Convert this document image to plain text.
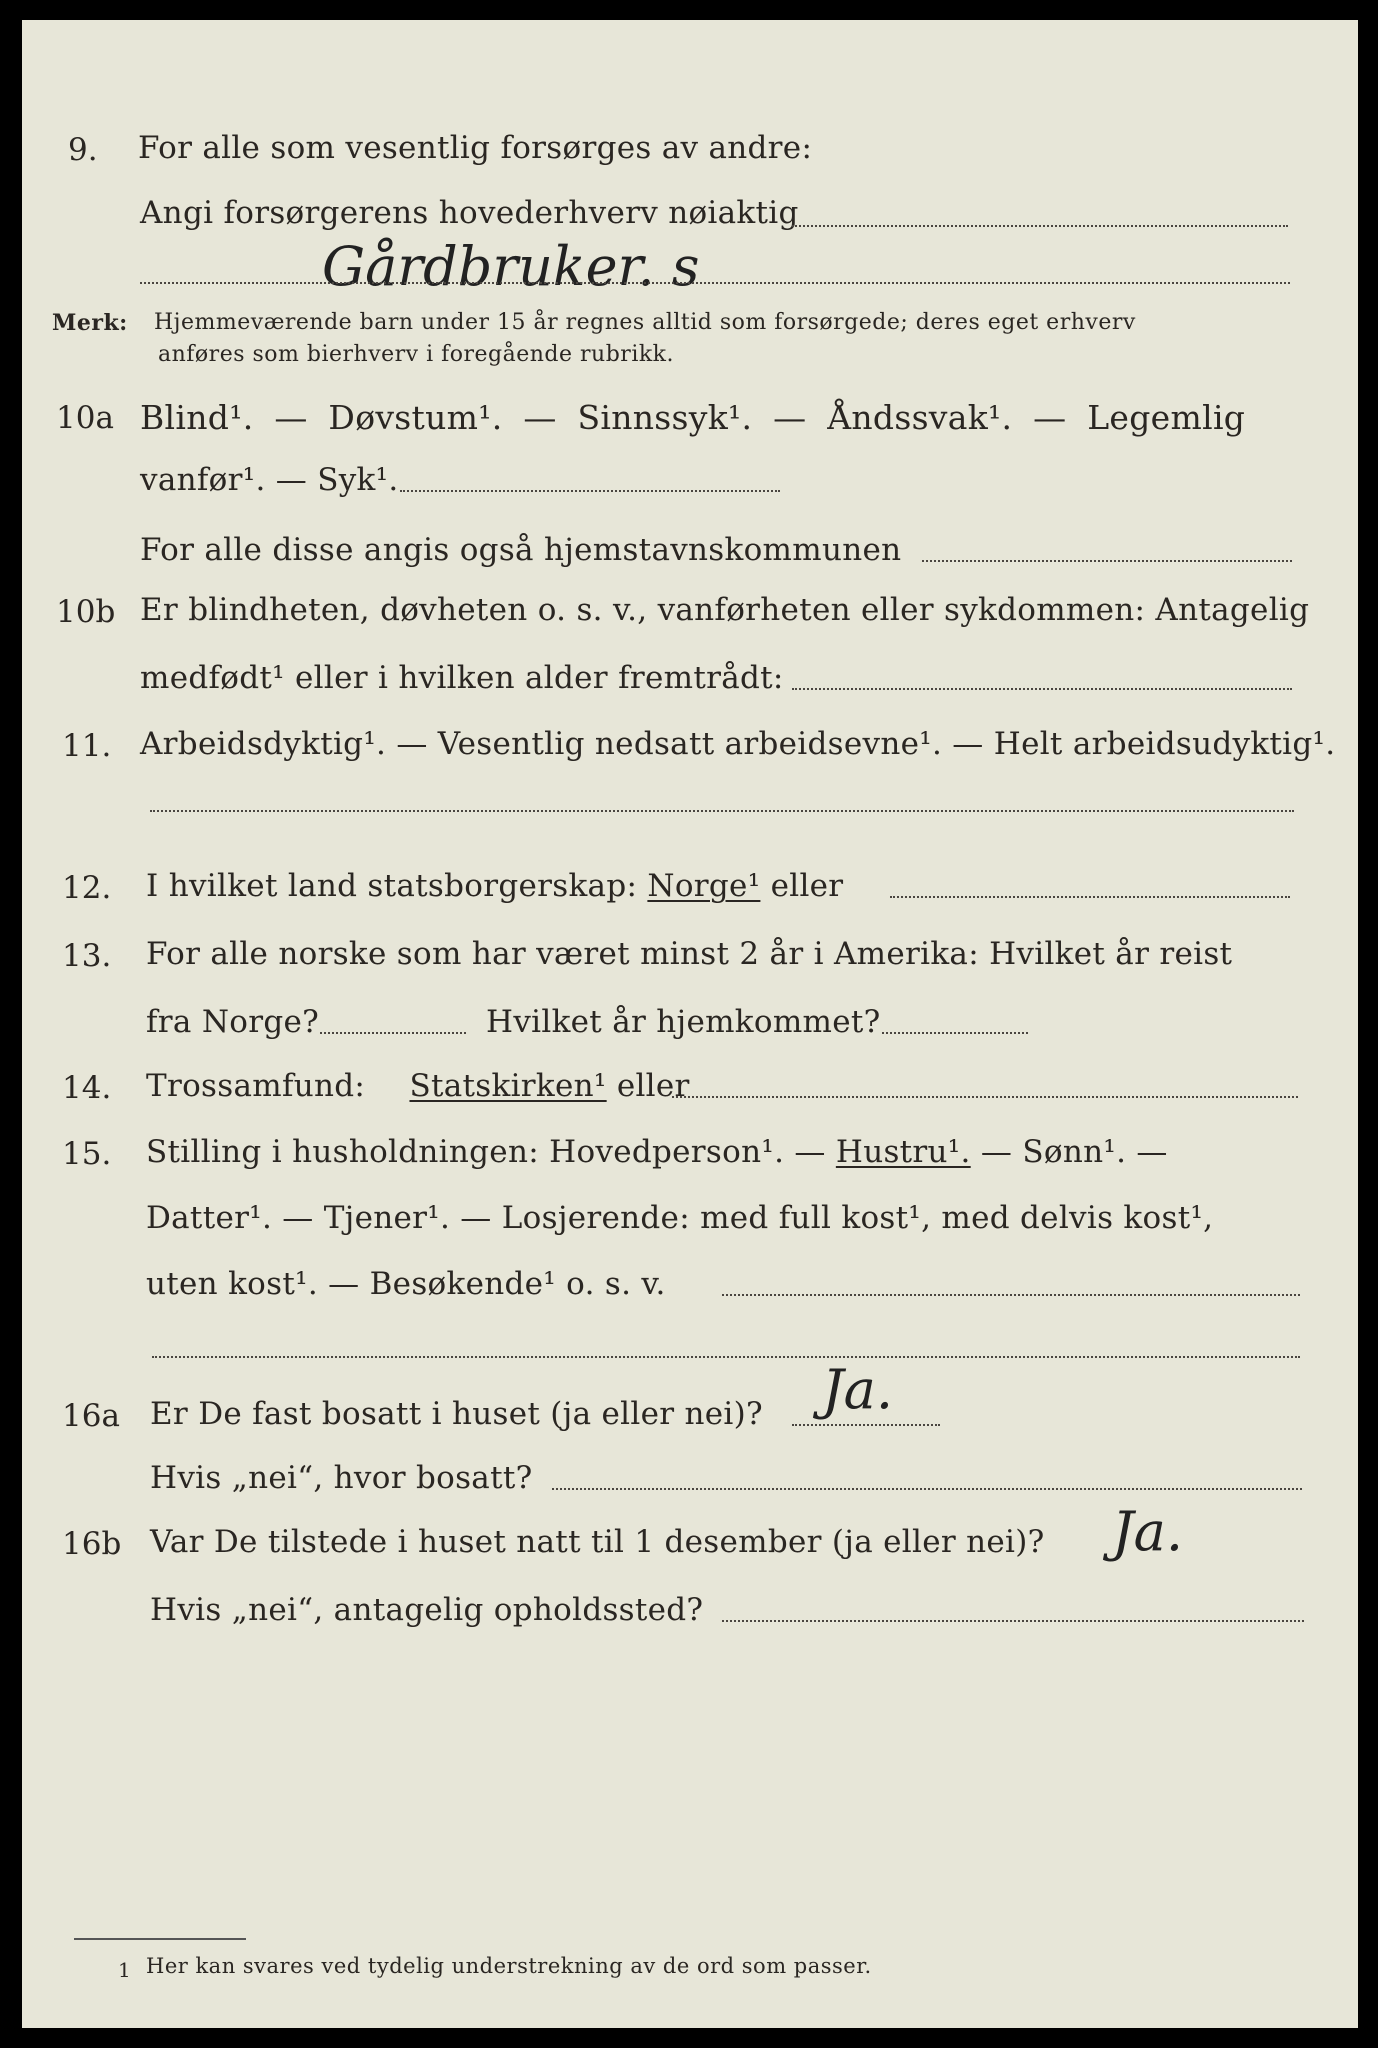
9. For alle som vesentlig forsørges av andre:
Angi forsørgerens hovederhverv nøiaktig
Gårdbruker. s
Merk: Hjemmeværende barn under 15 år regnes alltid som forsørgede; deres eget erhverv
anføres som bierhverv i foregående rubrikk.
10a Blind¹. — Døvstum¹. — Sinnssyk¹. — Åndssvak¹. — Legemlig
vanfør¹. — Syk¹.
For alle disse angis også hjemstavnskommunen
10b Er blindheten, døvheten o. s. v., vanførheten eller sykdommen: Antagelig
medfødt¹ eller i hvilken alder fremtrådt:
11. Arbeidsdyktig¹. — Vesentlig nedsatt arbeidsevne¹. — Helt arbeidsudyktig¹.
12. I hvilket land statsborgerskap: Norge¹ eller
13. For alle norske som har været minst 2 år i Amerika: Hvilket år reist
fra Norge?	Hvilket år hjemkommet?
14. Trossamfund: Statskirken¹ eller
15. Stilling i husholdningen: Hovedperson¹. — Hustru¹. — Sønn¹. —
Datter¹. — Tjener¹. — Losjerende: med full kost¹, med delvis kost¹,
uten kost¹. — Besøkende¹ o. s. v.
16a Er De fast bosatt i huset (ja eller nei)? Ja.
Hvis „nei“, hvor bosatt?
16b Var De tilstede i huset natt til 1 desember (ja eller nei)? Ja.
Hvis „nei“, antagelig opholdssted?
1 Her kan svares ved tydelig understrekning av de ord som passer.
